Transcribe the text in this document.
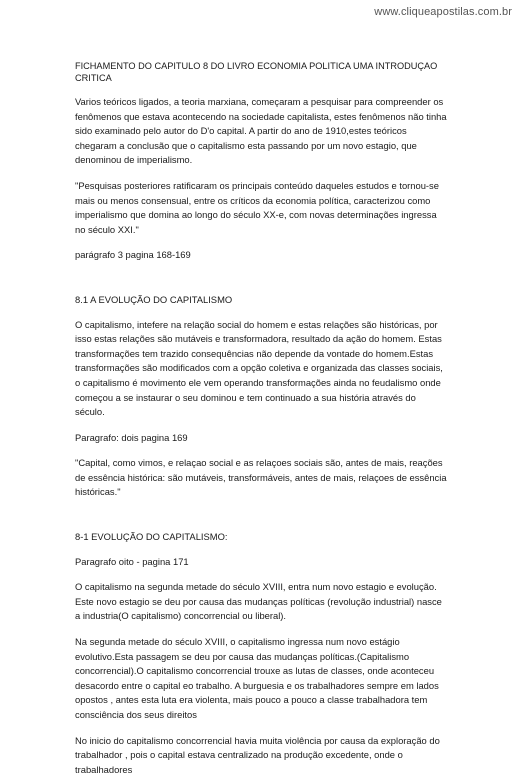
www.cliqueapostilas.com.br

FICHAMENTO DO CAPITULO 8 DO LIVRO ECONOMIA POLITICA UMA INTRODUÇAO CRITICA

Varios teóricos ligados, a teoria marxiana, começaram a pesquisar para compreender os fenômenos que estava acontecendo na sociedade capitalista, estes fenômenos não tinha sido examinado pelo autor do D'o capital. A partir do ano de 1910,estes teóricos chegaram a conclusão que o capitalismo esta passando por um novo estagio, que denominou de imperialismo.

"Pesquisas posteriores ratificaram os principais conteúdo daqueles estudos e tornou-se mais ou menos consensual, entre os críticos da economia política, caracterizou como imperialismo que domina ao longo do século XX-e, com novas determinações ingressa no século XXI."

parágrafo 3 pagina 168-169

8.1 A EVOLUÇÃO DO CAPITALISMO

O capitalismo, intefere na relação social do homem e estas relações são históricas, por isso estas relações são mutáveis e transformadora, resultado da ação do homem. Estas transformações tem trazido consequências não depende da vontade do homem.Estas transformações são modificados com a opção coletiva e organizada das classes sociais, o capitalismo é movimento ele vem operando transformações ainda no feudalismo onde começou a se instaurar o seu dominou e tem continuado a sua história através do século.

Paragrafo: dois pagina 169

"Capital, como vimos, e relaçao social e as relaçoes sociais são, antes de mais, reações de essência histórica: são mutáveis, transformáveis, antes de mais, relaçoes de essência históricas."

8-1 EVOLUÇÃO DO CAPITALISMO:

Paragrafo oito - pagina 171

O capitalismo na segunda metade do século XVIII, entra num novo estagio e evolução. Este novo estagio se deu por causa das mudanças políticas (revolução industrial) nasce a industria(O capitalismo) concorrencial ou liberal).

Na segunda metade do século XVIII, o capitalismo ingressa num novo estágio evolutivo.Esta passagem se deu por causa das mudanças políticas.(Capitalismo concorrencial).O capitalismo concorrencial trouxe as lutas de classes, onde aconteceu desacordo entre o capital eo trabalho. A burguesia e os trabalhadores sempre em lados opostos , antes esta luta era violenta, mais pouco a pouco a classe trabalhadora tem consciência dos seus direitos

No inicio do capitalismo concorrencial havia muita violência por causa da exploração do trabalhador , pois o capital estava centralizado na produção excedente, onde o trabalhadores
